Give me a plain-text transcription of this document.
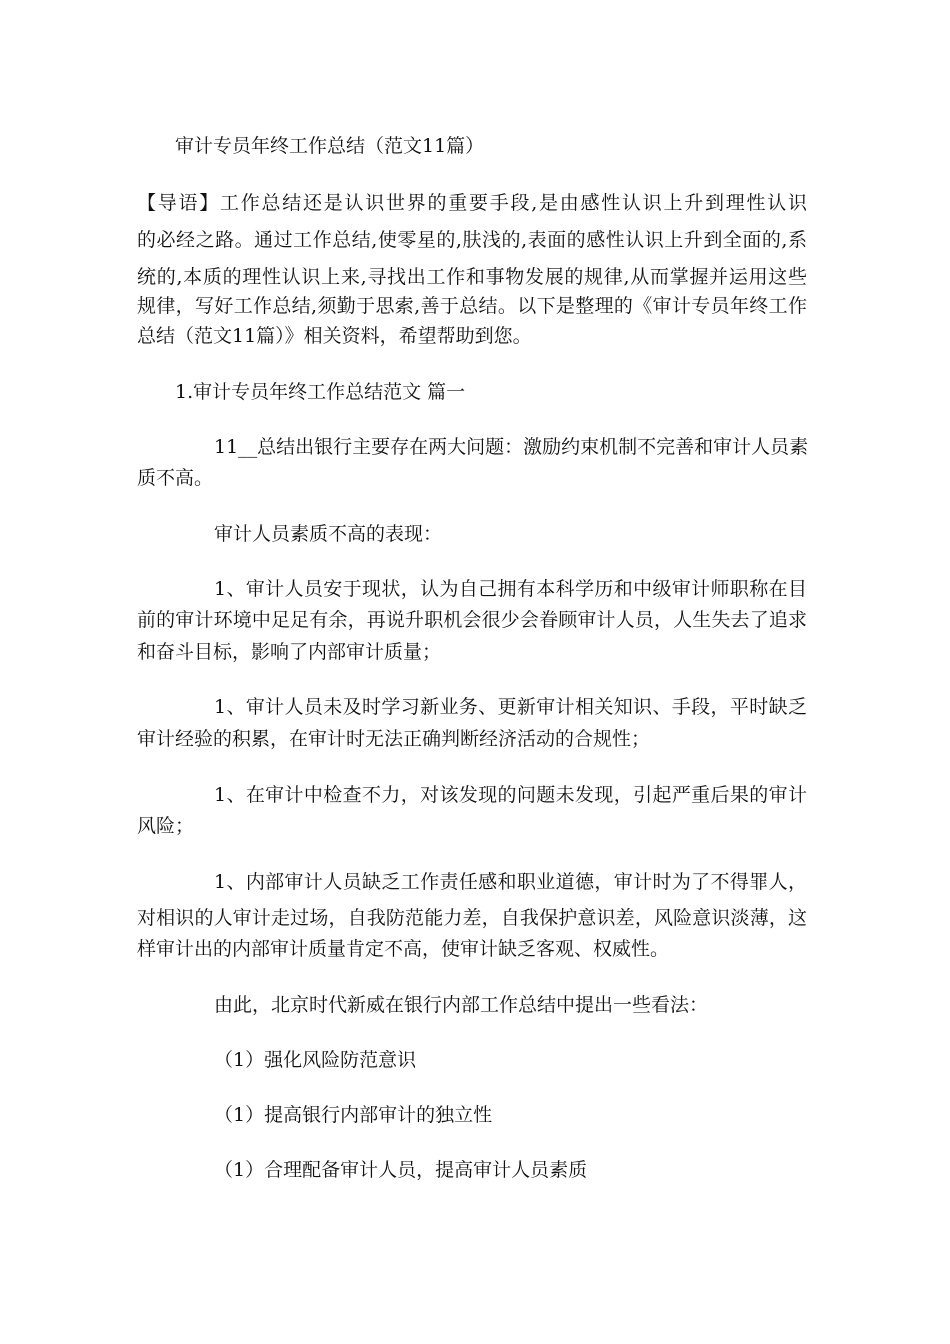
审计专员年终工作总结（范文11篇）

【导语】工作总结还是认识世界的重要手段,是由感性认识上升到理性认识

的必经之路。通过工作总结,使零星的,肤浅的,表面的感性认识上升到全面的,系

统的,本质的理性认识上来,寻找出工作和事物发展的规律,从而掌握并运用这些

规律，写好工作总结,须勤于思索,善于总结。以下是整理的《审计专员年终工作

总结（范文11篇）》相关资料，希望帮助到您。

1.审计专员年终工作总结范文 篇一

11__总结出银行主要存在两大问题：激励约束机制不完善和审计人员素

质不高。

审计人员素质不高的表现：

1、审计人员安于现状，认为自己拥有本科学历和中级审计师职称在目

前的审计环境中足足有余，再说升职机会很少会眷顾审计人员，人生失去了追求

和奋斗目标，影响了内部审计质量；

1、审计人员未及时学习新业务、更新审计相关知识、手段，平时缺乏

审计经验的积累，在审计时无法正确判断经济活动的合规性；

1、在审计中检查不力，对该发现的问题未发现，引起严重后果的审计

风险；

1、内部审计人员缺乏工作责任感和职业道德，审计时为了不得罪人，

对相识的人审计走过场，自我防范能力差，自我保护意识差，风险意识淡薄，这

样审计出的内部审计质量肯定不高，使审计缺乏客观、权威性。

由此，北京时代新威在银行内部工作总结中提出一些看法：

（1）强化风险防范意识

（1）提高银行内部审计的独立性

（1）合理配备审计人员，提高审计人员素质
